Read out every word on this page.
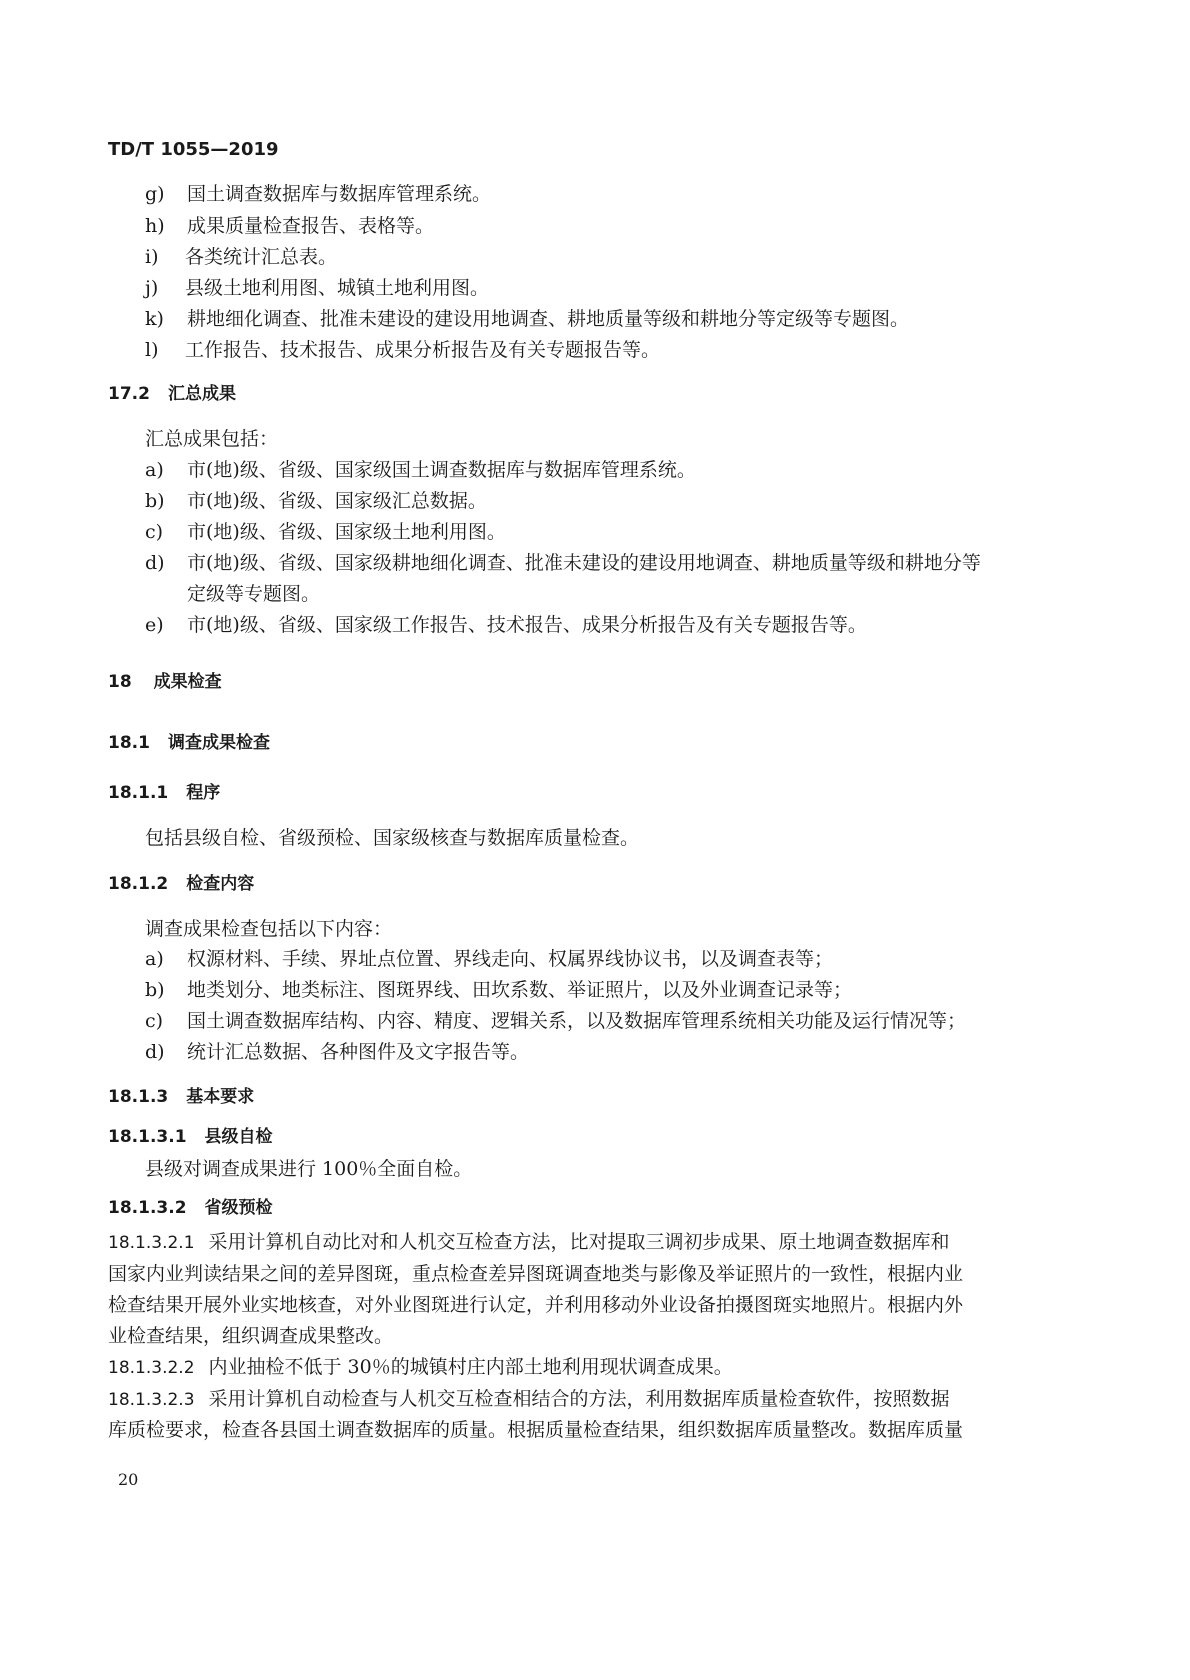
TD/T 1055—2019
g) 国土调查数据库与数据库管理系统。
h) 成果质量检查报告、表格等。
i) 各类统计汇总表。
j) 县级土地利用图、城镇土地利用图。
k) 耕地细化调查、批准未建设的建设用地调查、耕地质量等级和耕地分等定级等专题图。
l) 工作报告、技术报告、成果分析报告及有关专题报告等。
17.2 汇总成果
汇总成果包括：
a) 市(地)级、省级、国家级国土调查数据库与数据库管理系统。
b) 市(地)级、省级、国家级汇总数据。
c) 市(地)级、省级、国家级土地利用图。
d) 市(地)级、省级、国家级耕地细化调查、批准未建设的建设用地调查、耕地质量等级和耕地分等
定级等专题图。
e) 市(地)级、省级、国家级工作报告、技术报告、成果分析报告及有关专题报告等。
18 成果检查
18.1 调查成果检查
18.1.1 程序
包括县级自检、省级预检、国家级核查与数据库质量检查。
18.1.2 检查内容
调查成果检查包括以下内容：
a) 权源材料、手续、界址点位置、界线走向、权属界线协议书，以及调查表等；
b) 地类划分、地类标注、图斑界线、田坎系数、举证照片，以及外业调查记录等；
c) 国土调查数据库结构、内容、精度、逻辑关系，以及数据库管理系统相关功能及运行情况等；
d) 统计汇总数据、各种图件及文字报告等。
18.1.3 基本要求
18.1.3.1 县级自检
县级对调查成果进行 100％全面自检。
18.1.3.2 省级预检
18.1.3.2.1 采用计算机自动比对和人机交互检查方法，比对提取三调初步成果、原土地调查数据库和
国家内业判读结果之间的差异图斑，重点检查差异图斑调查地类与影像及举证照片的一致性，根据内业
检查结果开展外业实地核查，对外业图斑进行认定，并利用移动外业设备拍摄图斑实地照片。根据内外
业检查结果，组织调查成果整改。
18.1.3.2.2 内业抽检不低于 30％的城镇村庄内部土地利用现状调查成果。
18.1.3.2.3 采用计算机自动检查与人机交互检查相结合的方法，利用数据库质量检查软件，按照数据
库质检要求，检查各县国土调查数据库的质量。根据质量检查结果，组织数据库质量整改。数据库质量
20
